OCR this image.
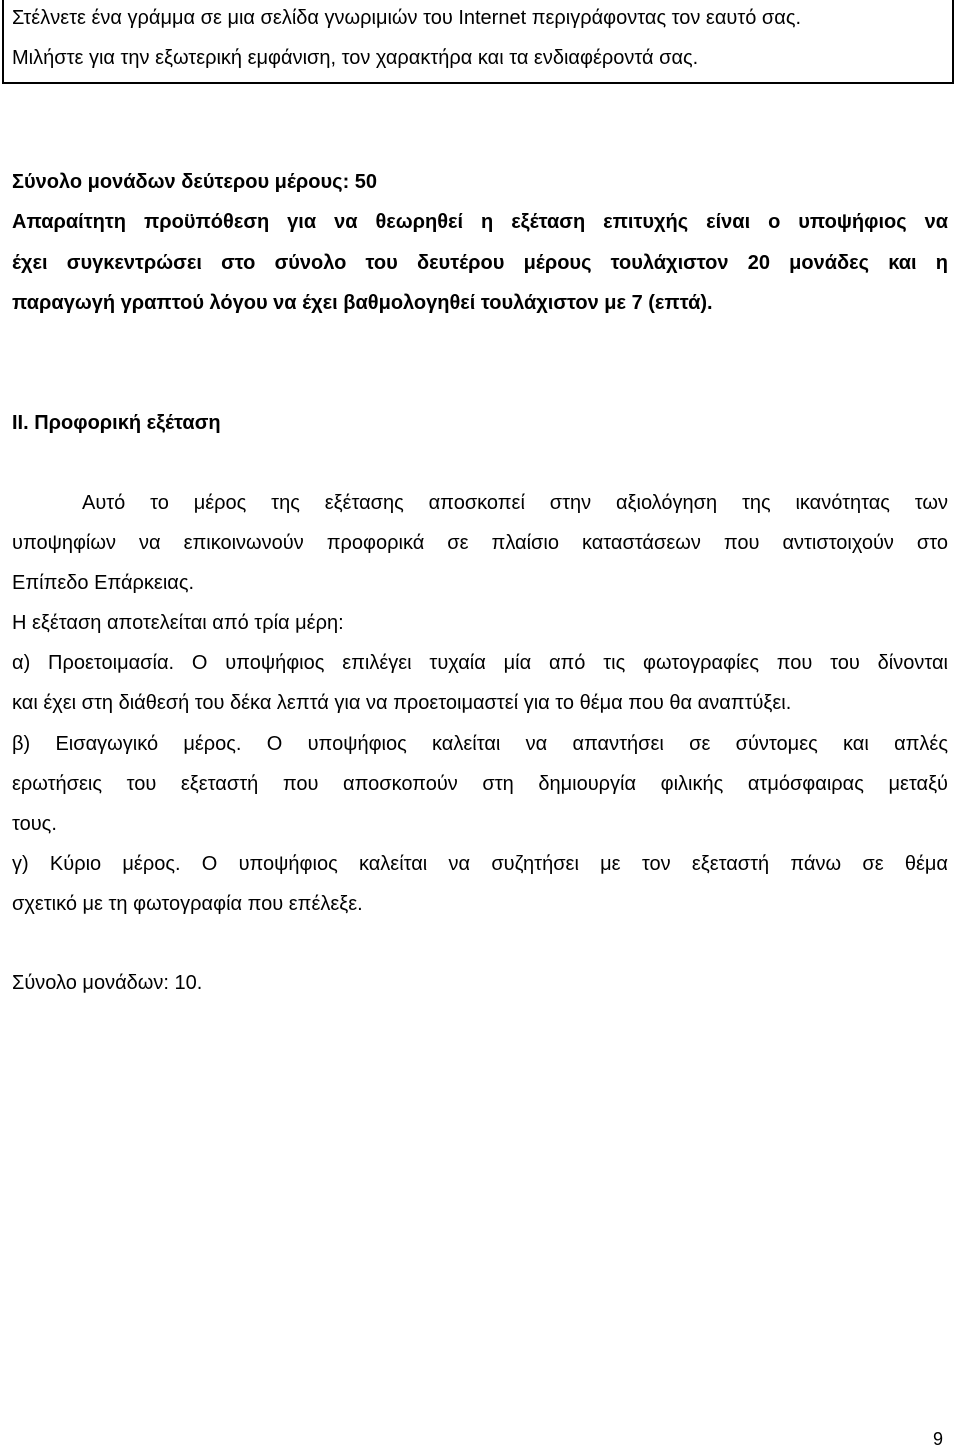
Στέλνετε ένα γράμμα σε μια σελίδα γνωριμιών του Internet περιγράφοντας τον εαυτό σας.
Μιλήστε για την εξωτερική εμφάνιση, τον χαρακτήρα και τα ενδιαφέροντά σας.
Σύνολο μονάδων δεύτερου μέρους: 50
Απαραίτητη προϋπόθεση για να θεωρηθεί η εξέταση επιτυχής είναι ο υποψήφιος να
έχει συγκεντρώσει στο σύνολο του δευτέρου μέρους τουλάχιστον 20 μονάδες και η
παραγωγή γραπτού λόγου να έχει βαθμολογηθεί τουλάχιστον με 7 (επτά).
II. Προφορική εξέταση
Αυτό το μέρος της εξέτασης αποσκοπεί στην αξιολόγηση της ικανότητας των
υποψηφίων να επικοινωνούν προφορικά σε πλαίσιο καταστάσεων που αντιστοιχούν στο
Επίπεδο Επάρκειας.
Η εξέταση αποτελείται από τρία μέρη:
α) Προετοιμασία. Ο υποψήφιος επιλέγει τυχαία μία από τις φωτογραφίες που του δίνονται
και έχει στη διάθεσή του δέκα λεπτά για να προετοιμαστεί για το θέμα που θα αναπτύξει.
β) Εισαγωγικό μέρος. Ο υποψήφιος καλείται να απαντήσει σε σύντομες και απλές
ερωτήσεις του εξεταστή που αποσκοπούν στη δημιουργία φιλικής ατμόσφαιρας μεταξύ
τους.
γ) Κύριο μέρος. Ο υποψήφιος καλείται να συζητήσει με τον εξεταστή πάνω σε θέμα
σχετικό με τη φωτογραφία που επέλεξε.
Σύνολο μονάδων: 10.
9
